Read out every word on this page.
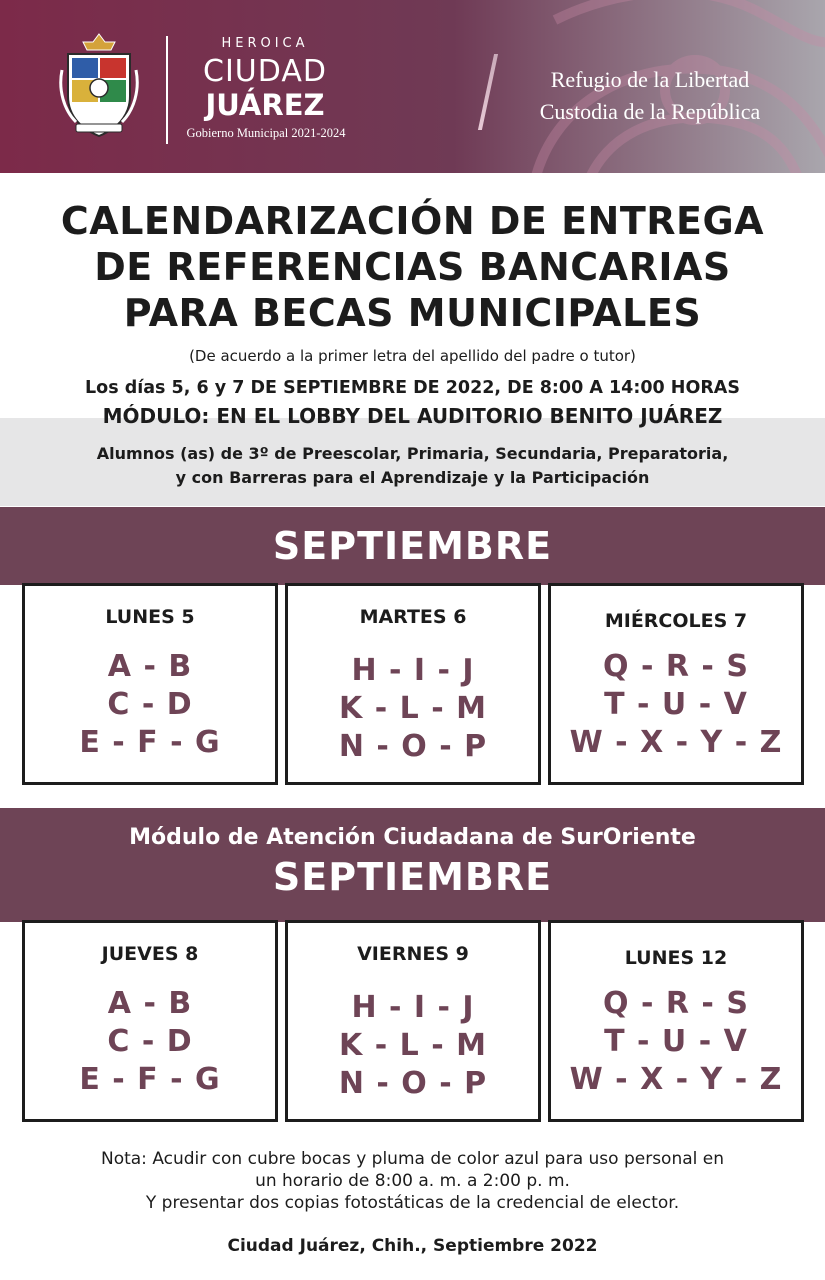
HEROICA
CIUDAD
JUÁREZ
Gobierno Municipal 2021-2024
Refugio de la Libertad
Custodia de la República
CALENDARIZACIÓN DE ENTREGA
DE REFERENCIAS BANCARIAS
PARA BECAS MUNICIPALES
(De acuerdo a la primer letra del apellido del padre o tutor)
Los días 5, 6 y 7 DE SEPTIEMBRE DE 2022, DE 8:00 A 14:00 HORAS
MÓDULO: EN EL LOBBY DEL AUDITORIO BENITO JUÁREZ
Alumnos (as) de 3º de Preescolar, Primaria, Secundaria, Preparatoria,
y con Barreras para el Aprendizaje y la Participación
SEPTIEMBRE
LUNES 5
A - B
C - D
E - F - G
MARTES 6
H - I - J
K - L - M
N - O - P
MIÉRCOLES 7
Q - R - S
T - U - V
W - X - Y - Z
Módulo de Atención Ciudadana de SurOriente
SEPTIEMBRE
JUEVES 8
A - B
C - D
E - F - G
VIERNES 9
H - I - J
K - L - M
N - O - P
LUNES 12
Q - R - S
T - U - V
W - X - Y - Z
Nota: Acudir con cubre bocas y pluma de color azul para uso personal en
un horario de 8:00 a. m. a 2:00 p. m.
Y presentar dos copias fotostáticas de la credencial de elector.
Ciudad Juárez, Chih., Septiembre 2022
